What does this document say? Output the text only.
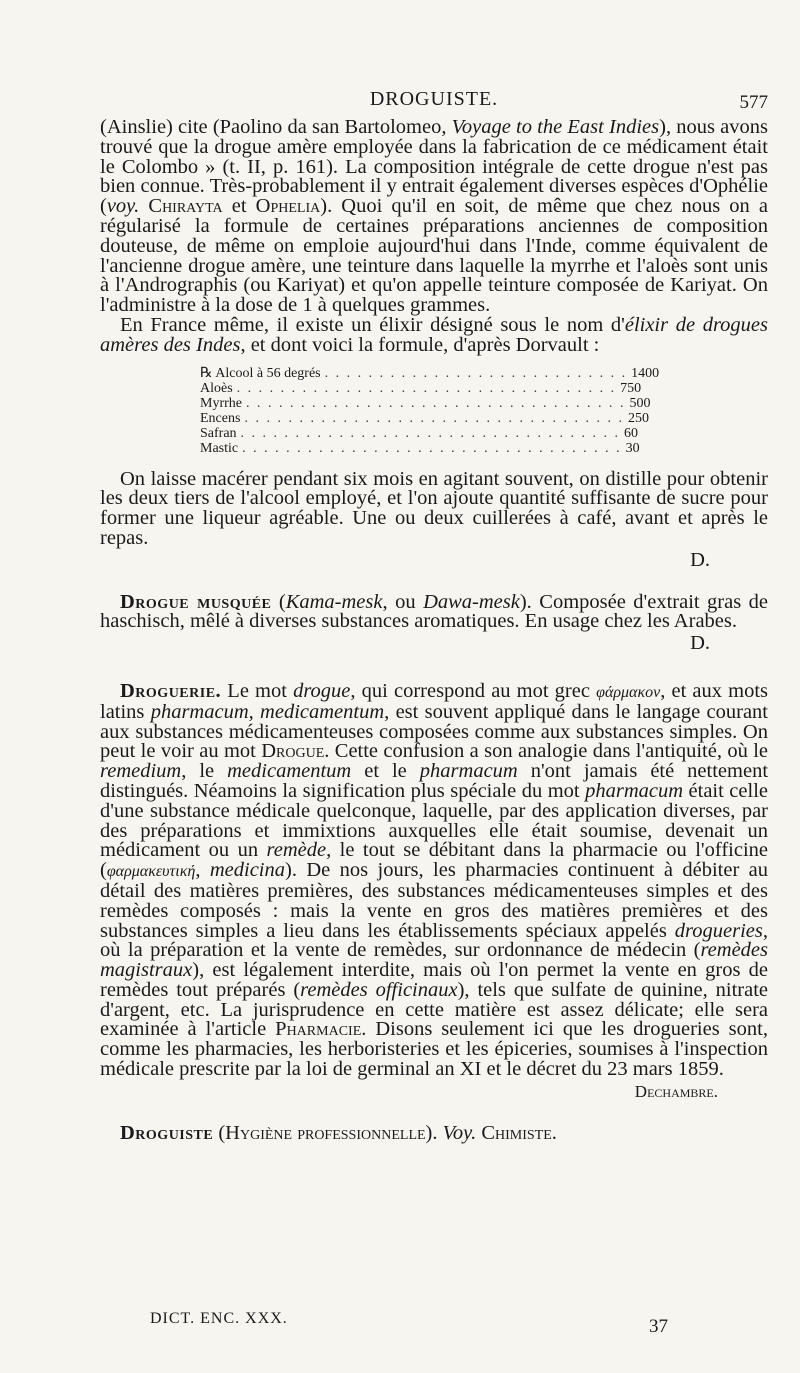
DROGUISTE.	577

(Ainslie) cite (Paolino da san Bartolomeo, Voyage to the East Indies), nous avons trouvé que la drogue amère employée dans la fabrication de ce médicament était le Colombo » (t. II, p. 161). La composition intégrale de cette drogue n'est pas bien connue. Très-probablement il y entrait également diverses espèces d'Ophélie (voy. Chirayta et Ophelia). Quoi qu'il en soit, de même que chez nous on a régularisé la formule de certaines préparations anciennes de composition douteuse, de même on emploie aujourd'hui dans l'Inde, comme équivalent de l'ancienne drogue amère, une teinture dans laquelle la myrrhe et l'aloès sont unis à l'Andrographis (ou Kariyat) et qu'on appelle teinture composée de Kariyat. On l'administre à la dose de 1 à quelques grammes.

En France même, il existe un élixir désigné sous le nom d'élixir de drogues amères des Indes, et dont voici la formule, d'après Dorvault :

℞ Alcool à 56 degrés . . . . . . . . . . . . . . . . . . . . . . . . . . . . 1400
Aloès . . . . . . . . . . . . . . . . . . . . . . . . . . . . . . . . . . . 750
Myrrhe . . . . . . . . . . . . . . . . . . . . . . . . . . . . . . . . . . . 500
Encens . . . . . . . . . . . . . . . . . . . . . . . . . . . . . . . . . . . 250
Safran . . . . . . . . . . . . . . . . . . . . . . . . . . . . . . . . . . . 60
Mastic . . . . . . . . . . . . . . . . . . . . . . . . . . . . . . . . . . . 30

On laisse macérer pendant six mois en agitant souvent, on distille pour obtenir les deux tiers de l'alcool employé, et l'on ajoute quantité suffisante de sucre pour former une liqueur agréable. Une ou deux cuillerées à café, avant et après le repas.

D.

Drogue musquée (Kama-mesk, ou Dawa-mesk). Composée d'extrait gras de haschisch, mêlé à diverses substances aromatiques. En usage chez les Arabes.

D.

Droguerie. Le mot drogue, qui correspond au mot grec φάρμακον, et aux mots latins pharmacum, medicamentum, est souvent appliqué dans le langage courant aux substances médicamenteuses composées comme aux substances simples. On peut le voir au mot Drogue. Cette confusion a son analogie dans l'antiquité, où le remedium, le medicamentum et le pharmacum n'ont jamais été nettement distingués. Néamoins la signification plus spéciale du mot pharmacum était celle d'une substance médicale quelconque, laquelle, par des application diverses, par des préparations et immixtions auxquelles elle était soumise, devenait un médicament ou un remède, le tout se débitant dans la pharmacie ou l'officine (φαρμακευτική, medicina). De nos jours, les pharmacies continuent à débiter au détail des matières premières, des substances médicamenteuses simples et des remèdes composés : mais la vente en gros des matières premières et des substances simples a lieu dans les établissements spéciaux appelés drogueries, où la préparation et la vente de remèdes, sur ordonnance de médecin (remèdes magistraux), est légalement interdite, mais où l'on permet la vente en gros de remèdes tout préparés (remèdes officinaux), tels que sulfate de quinine, nitrate d'argent, etc. La jurisprudence en cette matière est assez délicate; elle sera examinée à l'article Pharmacie. Disons seulement ici que les drogueries sont, comme les pharmacies, les herboristeries et les épiceries, soumises à l'inspection médicale prescrite par la loi de germinal an XI et le décret du 23 mars 1859.

Dechambre.

Droguiste (Hygiène professionnelle). Voy. Chimiste.

DICT. ENC. XXX.	37
